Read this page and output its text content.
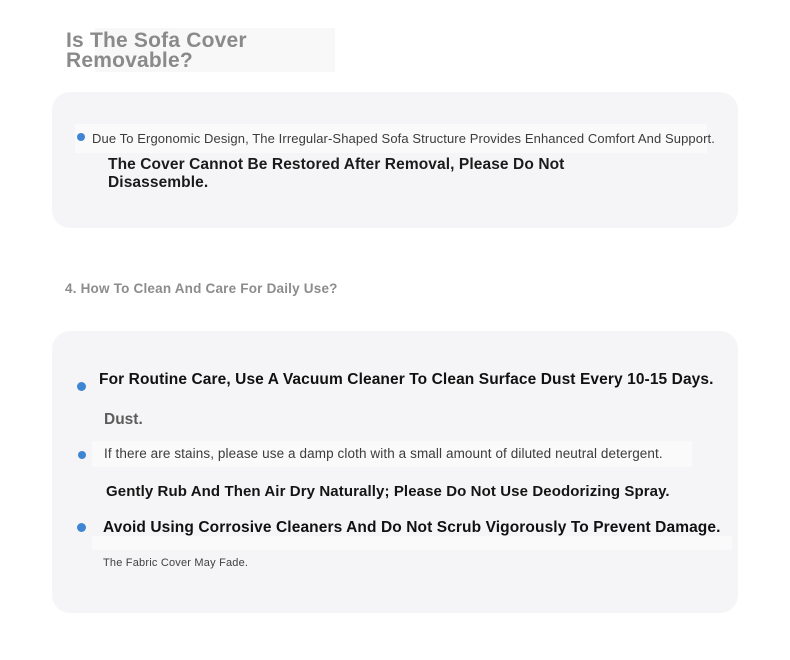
Is The Sofa Cover
Removable?
Due To Ergonomic Design, The Irregular-Shaped Sofa Structure Provides Enhanced Comfort And Support.
The Cover Cannot Be Restored After Removal, Please Do Not Disassemble.
4. How To Clean And Care For Daily Use?
For Routine Care, Use A Vacuum Cleaner To Clean Surface Dust Every 10-15 Days.
Dust.
If there are stains, please use a damp cloth with a small amount of diluted neutral detergent.
Gently Rub And Then Air Dry Naturally; Please Do Not Use Deodorizing Spray.
Avoid Using Corrosive Cleaners And Do Not Scrub Vigorously To Prevent Damage.
The Fabric Cover May Fade.
